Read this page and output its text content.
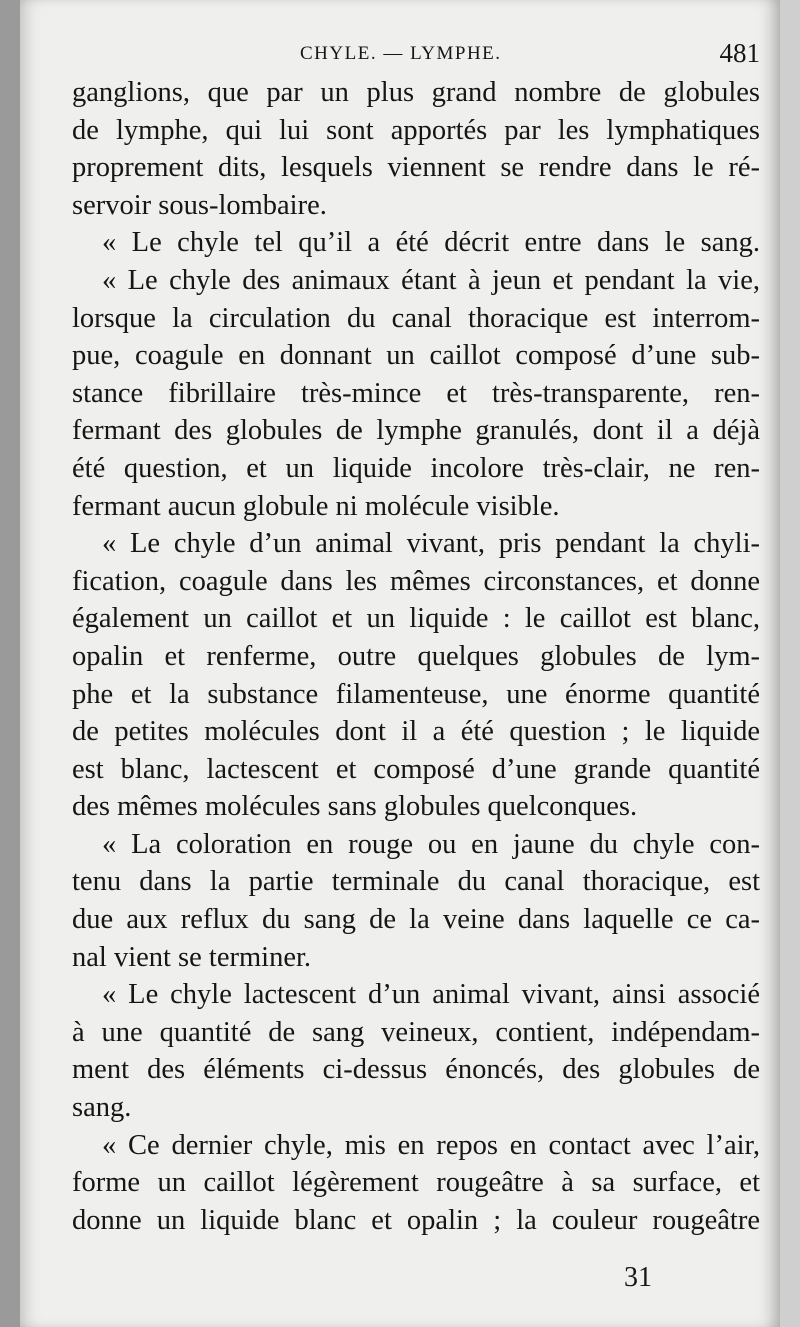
CHYLE. — LYMPHE.	481
ganglions, que par un plus grand nombre de globules
de lymphe, qui lui sont apportés par les lymphatiques
proprement dits, lesquels viennent se rendre dans le ré-
servoir sous-lombaire.
« Le chyle tel qu’il a été décrit entre dans le sang.
« Le chyle des animaux étant à jeun et pendant la vie,
lorsque la circulation du canal thoracique est interrom-
pue, coagule en donnant un caillot composé d’une sub-
stance fibrillaire très-mince et très-transparente, ren-
fermant des globules de lymphe granulés, dont il a déjà
été question, et un liquide incolore très-clair, ne ren-
fermant aucun globule ni molécule visible.
« Le chyle d’un animal vivant, pris pendant la chyli-
fication, coagule dans les mêmes circonstances, et donne
également un caillot et un liquide : le caillot est blanc,
opalin et renferme, outre quelques globules de lym-
phe et la substance filamenteuse, une énorme quantité
de petites molécules dont il a été question ; le liquide
est blanc, lactescent et composé d’une grande quantité
des mêmes molécules sans globules quelconques.
« La coloration en rouge ou en jaune du chyle con-
tenu dans la partie terminale du canal thoracique, est
due aux reflux du sang de la veine dans laquelle ce ca-
nal vient se terminer.
« Le chyle lactescent d’un animal vivant, ainsi associé
à une quantité de sang veineux, contient, indépendam-
ment des éléments ci-dessus énoncés, des globules de
sang.
« Ce dernier chyle, mis en repos en contact avec l’air,
forme un caillot légèrement rougeâtre à sa surface, et
donne un liquide blanc et opalin ; la couleur rougeâtre
31
